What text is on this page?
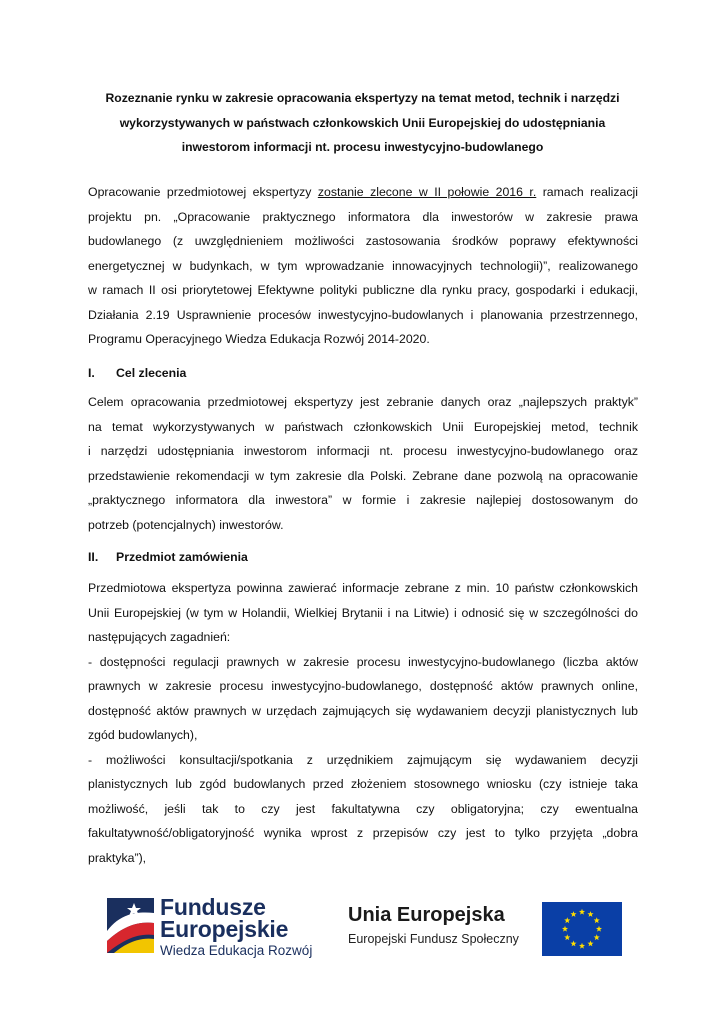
Rozeznanie rynku w zakresie opracowania ekspertyzy na temat metod, technik i narzędzi
wykorzystywanych w państwach członkowskich Unii Europejskiej do udostępniania
inwestorom informacji nt. procesu inwestycyjno-budowlanego
Opracowanie przedmiotowej ekspertyzy zostanie zlecone w II połowie 2016 r. ramach realizacji
projektu pn. „Opracowanie praktycznego informatora dla inwestorów w zakresie prawa
budowlanego (z uwzględnieniem możliwości zastosowania środków poprawy efektywności
energetycznej w budynkach, w tym wprowadzanie innowacyjnych technologii)”, realizowanego
w ramach II osi priorytetowej Efektywne polityki publiczne dla rynku pracy, gospodarki i edukacji,
Działania 2.19 Usprawnienie procesów inwestycyjno-budowlanych i planowania przestrzennego,
Programu Operacyjnego Wiedza Edukacja Rozwój 2014-2020.
I. Cel zlecenia
Celem opracowania przedmiotowej ekspertyzy jest zebranie danych oraz „najlepszych praktyk”
na temat wykorzystywanych w państwach członkowskich Unii Europejskiej metod, technik
i narzędzi udostępniania inwestorom informacji nt. procesu inwestycyjno-budowlanego oraz
przedstawienie rekomendacji w tym zakresie dla Polski. Zebrane dane pozwolą na opracowanie
„praktycznego informatora dla inwestora” w formie i zakresie najlepiej dostosowanym do
potrzeb (potencjalnych) inwestorów.
II. Przedmiot zamówienia
Przedmiotowa ekspertyza powinna zawierać informacje zebrane z min. 10 państw członkowskich
Unii Europejskiej (w tym w Holandii, Wielkiej Brytanii i na Litwie) i odnosić się w szczególności do
następujących zagadnień:
- dostępności regulacji prawnych w zakresie procesu inwestycyjno-budowlanego (liczba aktów
prawnych w zakresie procesu inwestycyjno-budowlanego, dostępność aktów prawnych online,
dostępność aktów prawnych w urzędach zajmujących się wydawaniem decyzji planistycznych lub
zgód budowlanych),
- możliwości konsultacji/spotkania z urzędnikiem zajmującym się wydawaniem decyzji
planistycznych lub zgód budowlanych przed złożeniem stosownego wniosku (czy istnieje taka
możliwość, jeśli tak to czy jest fakultatywna czy obligatoryjna; czy ewentualna
fakultatywność/obligatoryjność wynika wprost z przepisów czy jest to tylko przyjęta „dobra
praktyka”),
Fundusze
Europejskie
Wiedza Edukacja Rozwój
Unia Europejska
Europejski Fundusz Społeczny
